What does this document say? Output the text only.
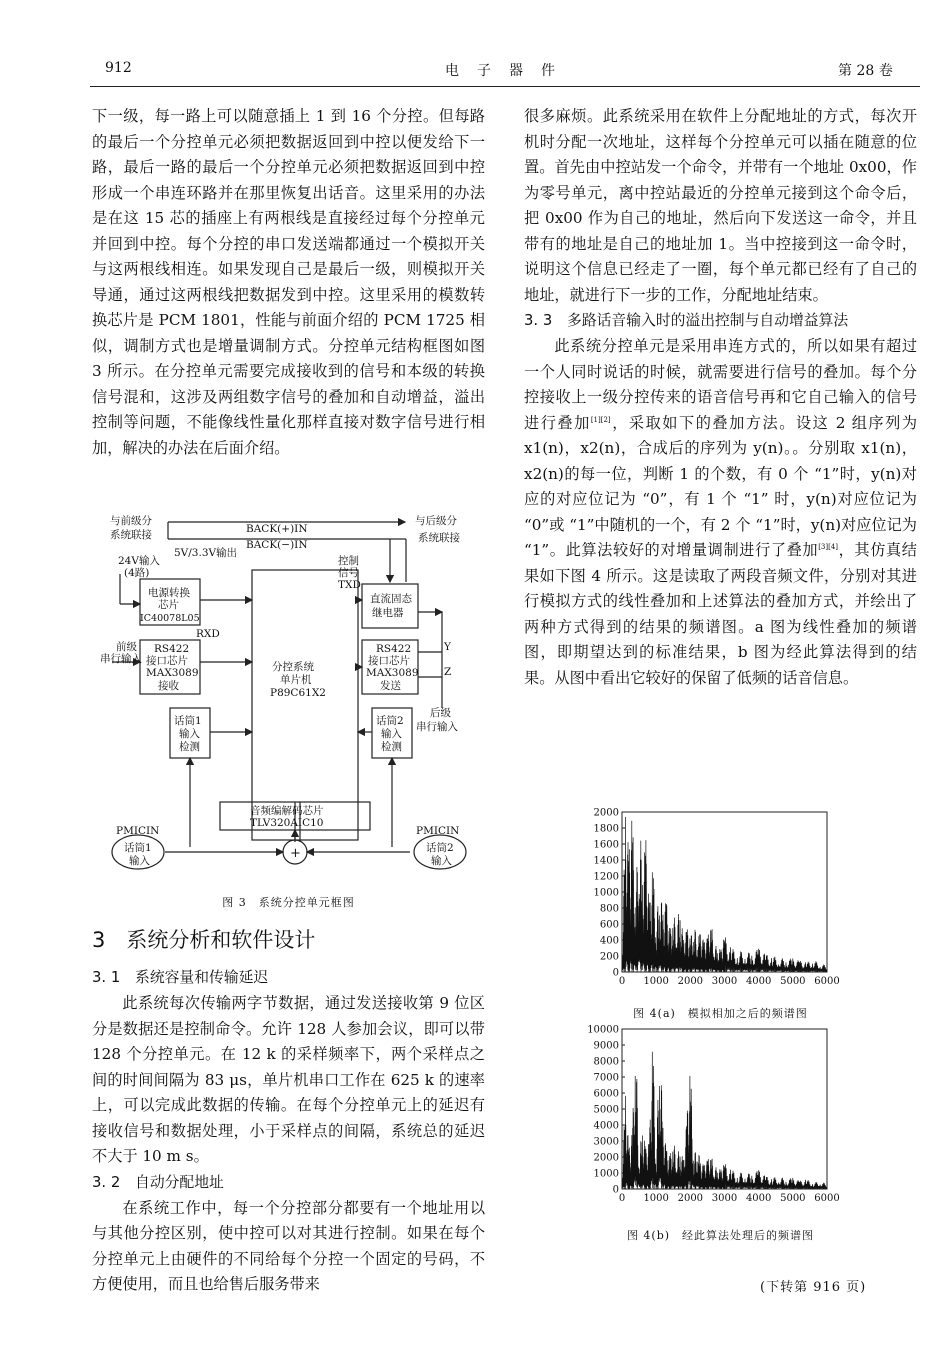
912	电　子　器　件	第 28 卷

下一级，每一路上可以随意插上 1 到 16 个分控。但每路的最后一个分控单元必须把数据返回到中控以便发给下一路，最后一路的最后一个分控单元必须把数据返回到中控形成一个串连环路并在那里恢复出话音。这里采用的办法是在这 15 芯的插座上有两根线是直接经过每个分控单元并回到中控。每个分控的串口发送端都通过一个模拟开关与这两根线相连。如果发现自己是最后一级，则模拟开关导通，通过这两根线把数据发到中控。这里采用的模数转换芯片是 PCM 1801，性能与前面介绍的 PCM 1725 相似，调制方式也是增量调制方式。分控单元结构框图如图 3 所示。在分控单元需要完成接收到的信号和本级的转换信号混和，这涉及两组数字信号的叠加和自动增益，溢出控制等问题，不能像线性量化那样直接对数字信号进行相加，解决的办法在后面介绍。

与前级分
系统联接
与后级分
系统联接
BACK(+)IN
BACK(−)IN
24V输入
(4路)
5V/3.3V输出
电源转换
芯片
IC40078L05
控制
信号
TXD
直流固态
继电器
RXD
前级
串行输入
RS422
接口芯片
MAX3089
接收
分控系统
单片机
P89C61X2
RS422
接口芯片
MAX3089
发送
Y
Z
后级
串行输入
话筒1
输入
检测
话筒2
输入
检测
音频编解码芯片
TLV320AIC10
PMICIN
话筒1
输入
PMICIN
话筒2
输入
+
图 3　系统分控单元框图

3　系统分析和软件设计

3. 1　系统容量和传输延迟

此系统每次传输两字节数据，通过发送接收第 9 位区分是数据还是控制命令。允许 128 人参加会议，即可以带 128 个分控单元。在 12 k 的采样频率下，两个采样点之间的时间间隔为 83 μs，单片机串口工作在 625 k 的速率上，可以完成此数据的传输。在每个分控单元上的延迟有接收信号和数据处理，小于采样点的间隔，系统总的延迟不大于 10 m s。

3. 2　自动分配地址

在系统工作中，每一个分控部分都要有一个地址用以与其他分控区别，使中控可以对其进行控制。如果在每个分控单元上由硬件的不同给每个分控一个固定的号码，不方便使用，而且也给售后服务带来

很多麻烦。此系统采用在软件上分配地址的方式，每次开机时分配一次地址，这样每个分控单元可以插在随意的位置。首先由中控站发一个命令，并带有一个地址 0x00，作为零号单元，离中控站最近的分控单元接到这个命令后，把 0x00 作为自己的地址，然后向下发送这一命令，并且带有的地址是自己的地址加 1。当中控接到这一命令时，说明这个信息已经走了一圈，每个单元都已经有了自己的地址，就进行下一步的工作，分配地址结束。

3. 3　多路话音输入时的溢出控制与自动增益算法

此系统分控单元是采用串连方式的，所以如果有超过一个人同时说话的时候，就需要进行信号的叠加。每个分控接收上一级分控传来的语音信号再和它自己输入的信号进行叠加[1][2]，采取如下的叠加方法。设这 2 组序列为 x1(n)，x2(n)，合成后的序列为 y(n)。。分别取 x1(n)，x2(n)的每一位，判断 1 的个数，有 0 个 “1”时，y(n)对应的对应位记为 “0”，有 1 个 “1” 时，y(n)对应位记为 “0”或 “1”中随机的一个，有 2 个 “1”时，y(n)对应位记为 “1”。此算法较好的对增量调制进行了叠加[3][4]，其仿真结果如下图 4 所示。这是读取了两段音频文件，分别对其进行模拟方式的线性叠加和上述算法的叠加方式，并绘出了两种方式得到的结果的频谱图。a 图为线性叠加的频谱图，即期望达到的标准结果，b 图为经此算法得到的结果。从图中看出它较好的保留了低频的话音信息。

0
200
400
600
800
1000
1200
1400
1600
1800
2000
0 1000 2000 3000 4000 5000 6000
图 4(a)　模拟相加之后的频谱图
0
1000
2000
3000
4000
5000
6000
7000
8000
9000
10000
0 1000 2000 3000 4000 5000 6000
图 4(b)　经此算法处理后的频谱图
(下转第 916 页)
